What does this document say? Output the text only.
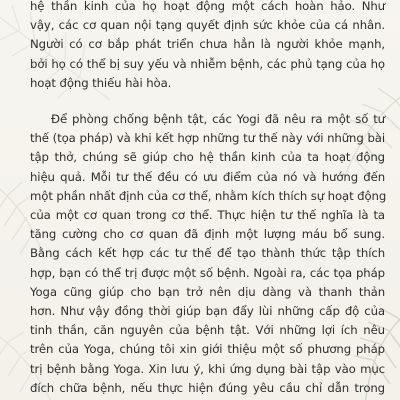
hệ thần kinh của họ hoạt động một cách hoàn hảo. Như
vậy, các cơ quan nội tạng quyết định sức khỏe của cá nhân.
Người có cơ bắp phát triển chưa hẳn là người khỏe mạnh,
bởi họ có thể bị suy yếu và nhiễm bệnh, các phủ tạng của họ
hoạt động thiếu hài hòa.
Để phòng chống bệnh tật, các Yogi đã nêu ra một số tư
thế (tọa pháp) và khi kết hợp những tư thế này với những bài
tập thở, chúng sẽ giúp cho hệ thần kinh của ta hoạt động
hiệu quả. Mỗi tư thế đều có ưu điểm của nó và hướng đến
một phần nhất định của cơ thể, nhằm kích thích sự hoạt động
của một cơ quan trong cơ thể. Thực hiện tư thế nghĩa là ta
tăng cường cho cơ quan đã định một lượng máu bổ sung.
Bằng cách kết hợp các tư thế để tạo thành thức tập thích
hợp, bạn có thể trị được một số bệnh. Ngoài ra, các tọa pháp
Yoga cũng giúp cho bạn trở nên dịu dàng và thanh thản
hơn. Như vậy đồng thời giúp bạn đẩy lùi những cấp độ của
tinh thần, căn nguyên của bệnh tật. Với những lợi ích nêu
trên của Yoga, chúng tôi xin giới thiệu một số phương pháp
trị bệnh bằng Yoga. Xin lưu ý, khi ứng dụng bài tập vào mục
đích chữa bệnh, nếu thực hiện đúng yêu cầu chỉ dẫn trong
